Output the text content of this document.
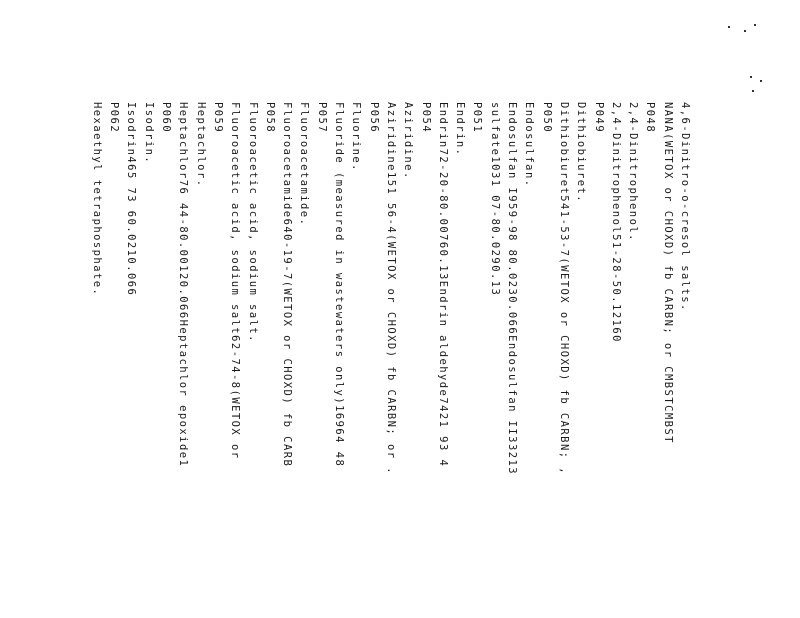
4,6-Dinitro-o-cresol salts.
NAΝA(WETOX or CHOXD) fb CARBN; or CMBSTCMBST
P048
2,4-Dinitrophenol.
2,4-Dinitrophenol51-28-50.12160
P049
Dithiobiuret.
Dithiobiuret541-53-7(WETOX or CHOXD) fb CARBN; ,
P050
Endosulfan.
Endosulfan I959-98 80.0230.066Endosulfan II33213
sulfate1031 07-80.0290.13
P051
Endrin.
Endrin72-20-80.00760.13Endrin aldehyde7421 93 4
P054
Aziridine.
Aziridine151 56-4(WETOX or CHOXD) fb CARBN; or .
P056
Fluorine.
Fluoride (measured in wastewaters only)16964 48
P057
Fluoroacetamide.
Fluoroacetamide640-19-7(WETOX or CHOXD) fb CARB
P058
Fluoroacetic acid, sodium salt.
Fluoroacetic acid, sodium salt62-74-8(WETOX or
P059
Heptachlor.
Heptachlor76 44-80.00120.066Heptachlor epoxide1
P060
Isodrin.
Isodrin465 73 60.0210.066
P062
Hexaethyl tetraphosphate.
